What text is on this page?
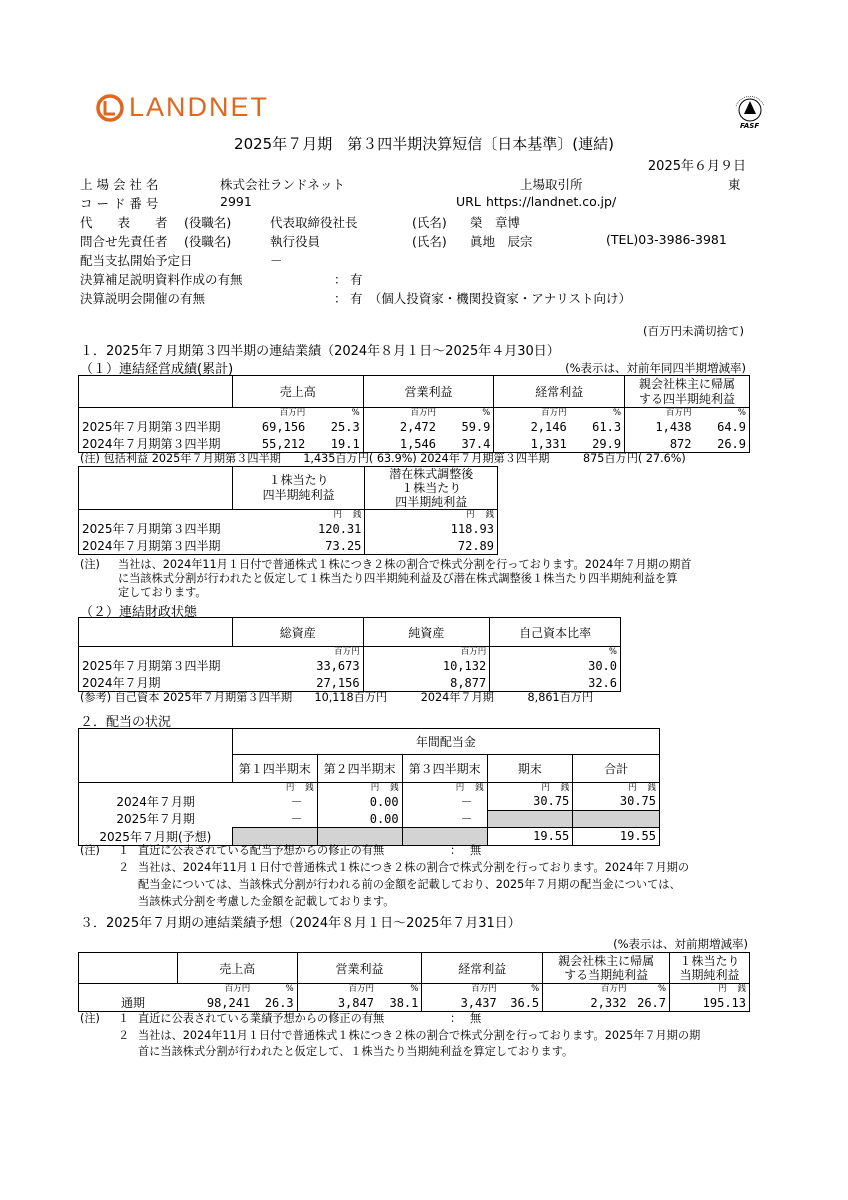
LANDNET
FASF
2025年７月期　第３四半期決算短信〔日本基準〕(連結)
2025年６月９日
上 場 会 社 名	株式会社ランドネット	上場取引所	東
コ ー ド 番 号	2991	URL https://landnet.co.jp/
代　　表　　者 (役職名)	代表取締役社長	(氏名) 榮　章博
問合せ先責任者 (役職名)	執行役員	(氏名) 眞地　辰宗	(TEL)03-3986-3981
配当支払開始予定日	－
決算補足説明資料作成の有無	： 有
決算説明会開催の有無	： 有　（個人投資家・機関投資家・アナリスト向け）
(百万円未満切捨て)
１．2025年７月期第３四半期の連結業績（2024年８月１日～2025年４月30日）
（１）連結経営成績(累計)	(%表示は、対前年同四半期増減率)
	売上高		営業利益		経常利益		親会社株主に帰属
する四半期純利益	
	百万円	%	百万円	%	百万円	%	百万円	%
2025年７月期第３四半期	69,156	25.3	2,472	59.9	2,146	61.3	1,438	64.9
2024年７月期第３四半期	55,212	19.1	1,546	37.4	1,331	29.9	872	26.9
(注) 包括利益 2025年７月期第３四半期　　1,435百万円( 63.9%) 2024年７月期第３四半期　　　875百万円( 27.6%)
	１株当たり
四半期純利益	潜在株式調整後
１株当たり
四半期純利益
	円 銭	円 銭
2025年７月期第３四半期	120.31	118.93
2024年７月期第３四半期	73.25	72.89
(注) 当社は、2024年11月１日付で普通株式１株につき２株の割合で株式分割を行っております。2024年７月期の期首
に当該株式分割が行われたと仮定して１株当たり四半期純利益及び潜在株式調整後１株当たり四半期純利益を算
定しております。
（２）連結財政状態
	総資産	純資産	自己資本比率
	百万円	百万円	%
2025年７月期第３四半期	33,673	10,132	30.0
2024年７月期	27,156	8,877	32.6
(参考) 自己資本 2025年７月期第３四半期　　10,118百万円　　　2024年７月期　　　8,861百万円
２．配当の状況
	年間配当金				
	第１四半期末	第２四半期末	第３四半期末	期末	合計
	円 銭	円 銭	円 銭	円 銭	円 銭
2024年７月期	－	0.00	－	30.75	30.75
2025年７月期	－	0.00	－		
2025年７月期(予想)				19.55	19.55
(注) １ 直近に公表されている配当予想からの修正の有無	： 無
２ 当社は、2024年11月１日付で普通株式１株につき２株の割合で株式分割を行っております。2024年７月期の
配当金については、当該株式分割が行われる前の金額を記載しており、2025年７月期の配当金については、
当該株式分割を考慮した金額を記載しております。
３．2025年７月期の連結業績予想（2024年８月１日～2025年７月31日）
(%表示は、対前期増減率)
	売上高		営業利益		経常利益		親会社株主に帰属
する当期純利益		１株当たり
当期純利益
	百万円	%	百万円	%	百万円	%	百万円	%	円 銭
通期	98,241	26.3	3,847	38.1	3,437	36.5	2,332	26.7	195.13
(注) １ 直近に公表されている業績予想からの修正の有無	： 無
２ 当社は、2024年11月１日付で普通株式１株につき２株の割合で株式分割を行っております。2025年７月期の期
首に当該株式分割が行われたと仮定して、１株当たり当期純利益を算定しております。
